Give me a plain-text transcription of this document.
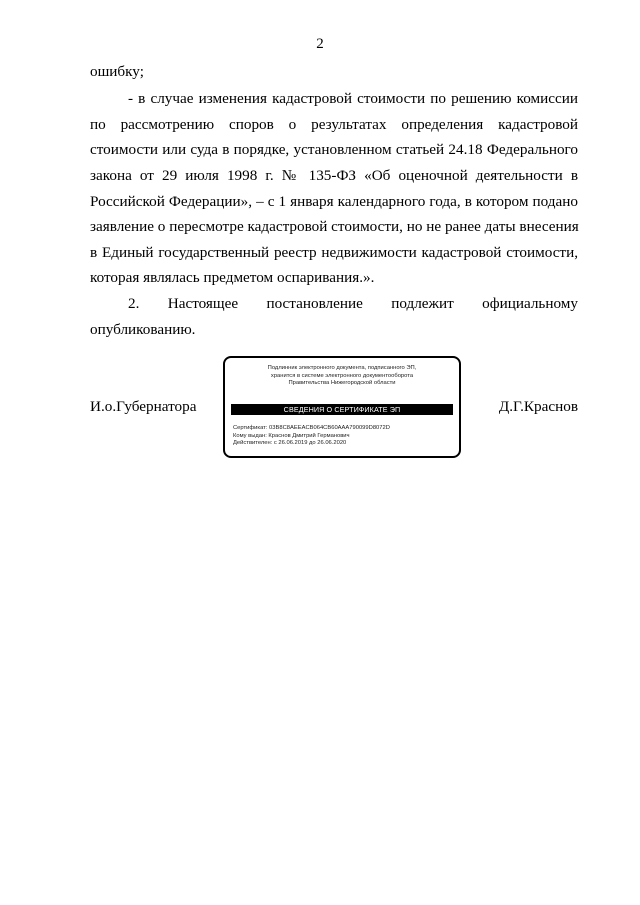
2
ошибку;
- в случае изменения кадастровой стоимости по решению комиссии
по рассмотрению споров о результатах определения кадастровой
стоимости или суда в порядке, установленном статьей 24.18 Федерального
закона от 29 июля 1998 г. № 135-ФЗ «Об оценочной деятельности в
Российской Федерации», – с 1 января календарного года, в котором подано
заявление о пересмотре кадастровой стоимости, но не ранее даты внесения
в Единый государственный реестр недвижимости кадастровой стоимости,
которая являлась предметом оспаривания.».
2. Настоящее постановление подлежит официальному
опубликованию.
И.о.Губернатора
Подлинник электронного документа, подписанного ЭП,
хранится в системе электронного документооборота
Правительства Нижегородской области
СВЕДЕНИЯ О СЕРТИФИКАТЕ ЭП
Сертификат: 03B8C8AEEACB064CB60AAA790099D8072D
Кому выдан: Краснов Дмитрий Германович
Действителен: с 26.06.2019 до 26.06.2020
Д.Г.Краснов
